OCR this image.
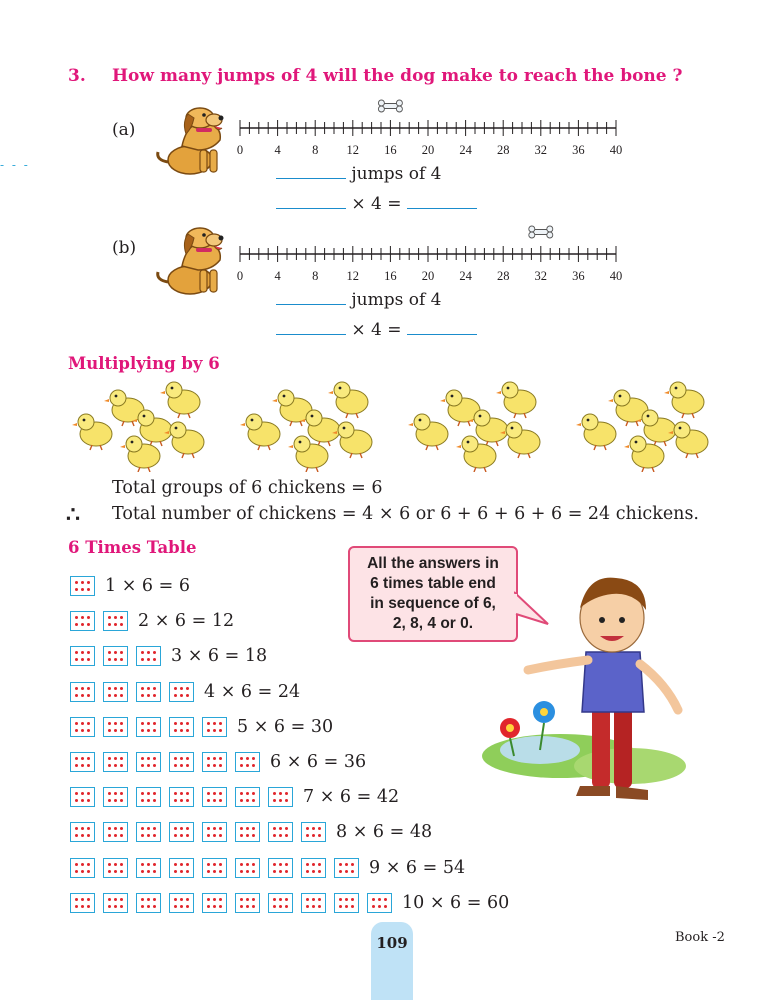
- - -
3. How many jumps of 4 will the dog make to reach the bone ?
(a)
0	4	8 12 16 20 24 28 32 36 40
jumps of 4
× 4 =
(b)
0	4	8 12 16 20 24 28 32 36 40
jumps of 4
× 4 =
Multiplying by 6
Total groups of 6 chickens = 6
∴ Total number of chickens = 4 × 6 or 6 + 6 + 6 + 6 = 24 chickens.
6 Times Table
1 × 6 = 6
2 × 6 = 12
3 × 6 = 18
4 × 6 = 24
5 × 6 = 30
6 × 6 = 36
7 × 6 = 42
8 × 6 = 48
9 × 6 = 54
10 × 6 = 60
All the answers in
6 times table end
in sequence of 6,
2, 8, 4 or 0.
109	Book -2
